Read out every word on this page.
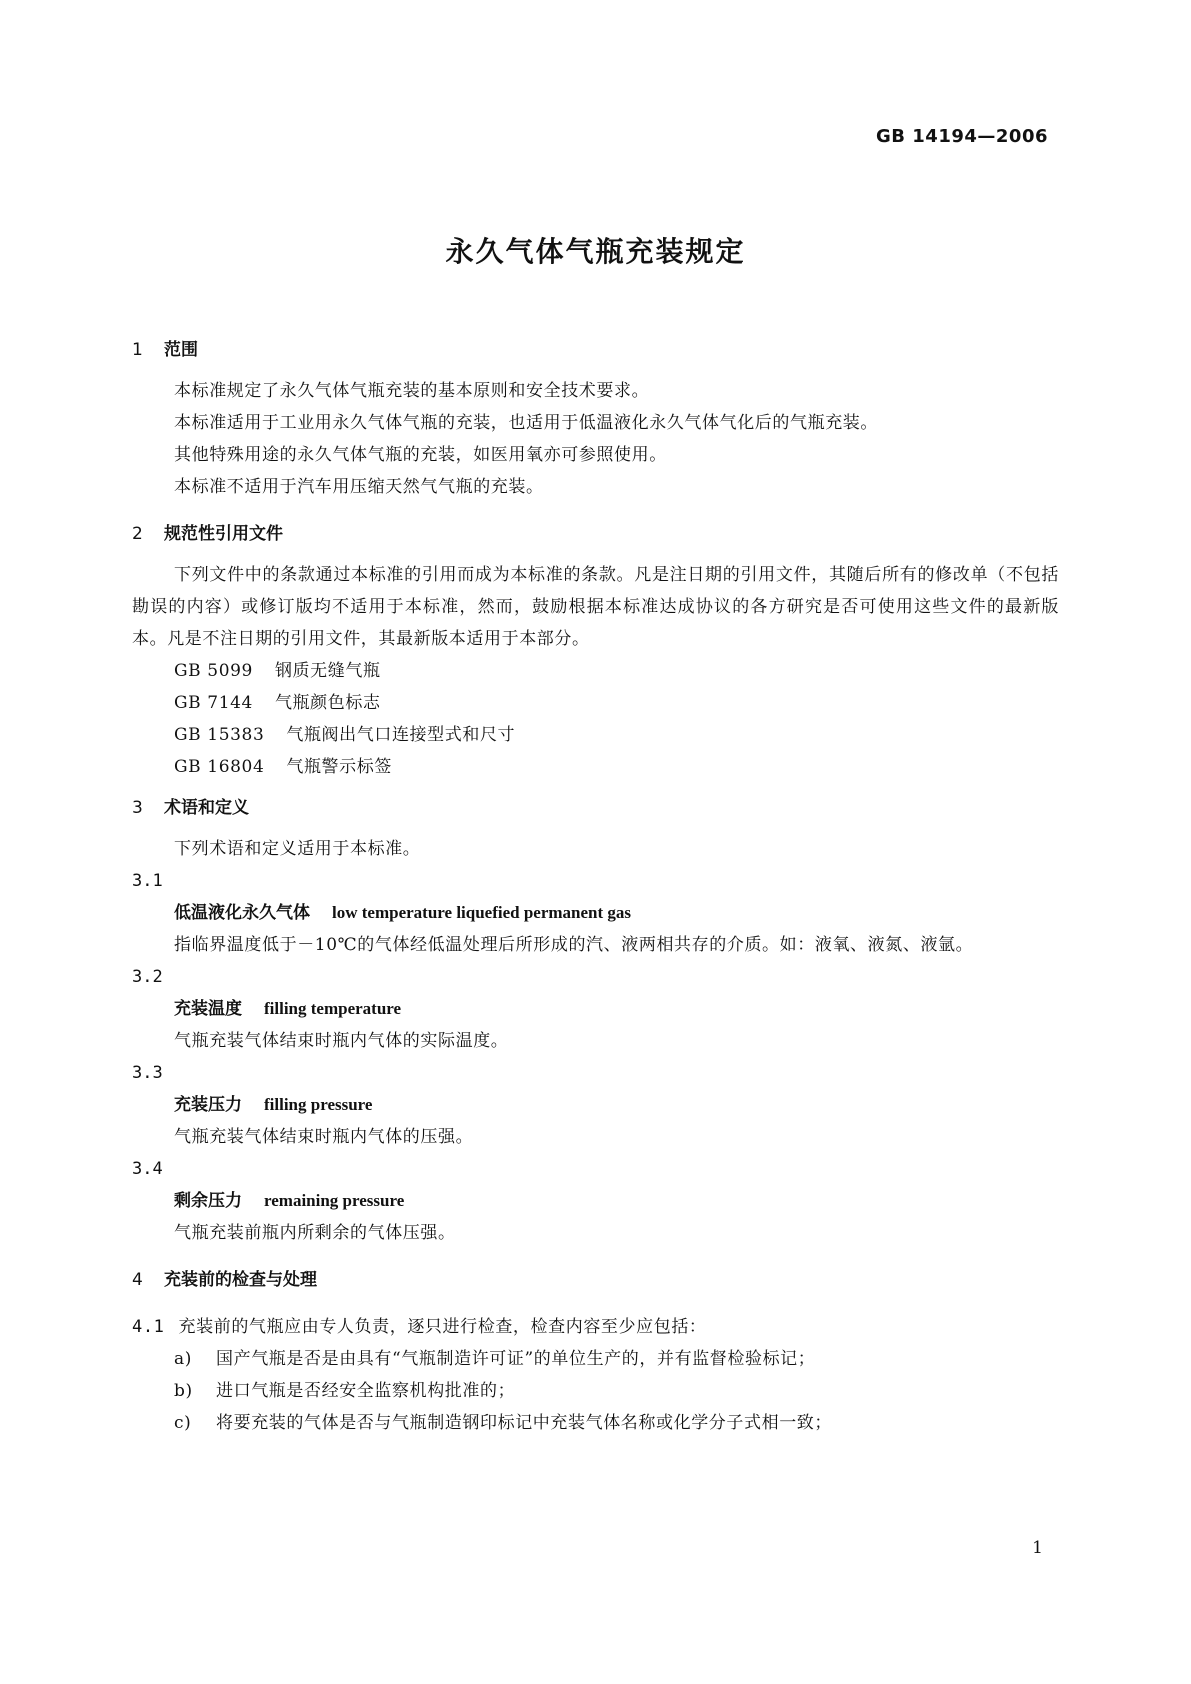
GB 14194—2006
永久气体气瓶充装规定
1 范围
本标准规定了永久气体气瓶充装的基本原则和安全技术要求。
本标准适用于工业用永久气体气瓶的充装，也适用于低温液化永久气体气化后的气瓶充装。
其他特殊用途的永久气体气瓶的充装，如医用氧亦可参照使用。
本标准不适用于汽车用压缩天然气气瓶的充装。
2 规范性引用文件
下列文件中的条款通过本标准的引用而成为本标准的条款。凡是注日期的引用文件，其随后所有的修改单（不包括勘误的内容）或修订版均不适用于本标准，然而，鼓励根据本标准达成协议的各方研究是否可使用这些文件的最新版本。凡是不注日期的引用文件，其最新版本适用于本部分。
GB 5099 钢质无缝气瓶
GB 7144 气瓶颜色标志
GB 15383 气瓶阀出气口连接型式和尺寸
GB 16804 气瓶警示标签
3 术语和定义
下列术语和定义适用于本标准。
3.1
低温液化永久气体 low temperature liquefied permanent gas
指临界温度低于－10℃的气体经低温处理后所形成的汽、液两相共存的介质。如：液氧、液氮、液氩。
3.2
充装温度 filling temperature
气瓶充装气体结束时瓶内气体的实际温度。
3.3
充装压力 filling pressure
气瓶充装气体结束时瓶内气体的压强。
3.4
剩余压力 remaining pressure
气瓶充装前瓶内所剩余的气体压强。
4 充装前的检查与处理
4.1 充装前的气瓶应由专人负责，逐只进行检查，检查内容至少应包括：
a) 国产气瓶是否是由具有“气瓶制造许可证”的单位生产的，并有监督检验标记；
b) 进口气瓶是否经安全监察机构批准的；
c) 将要充装的气体是否与气瓶制造钢印标记中充装气体名称或化学分子式相一致；
1
